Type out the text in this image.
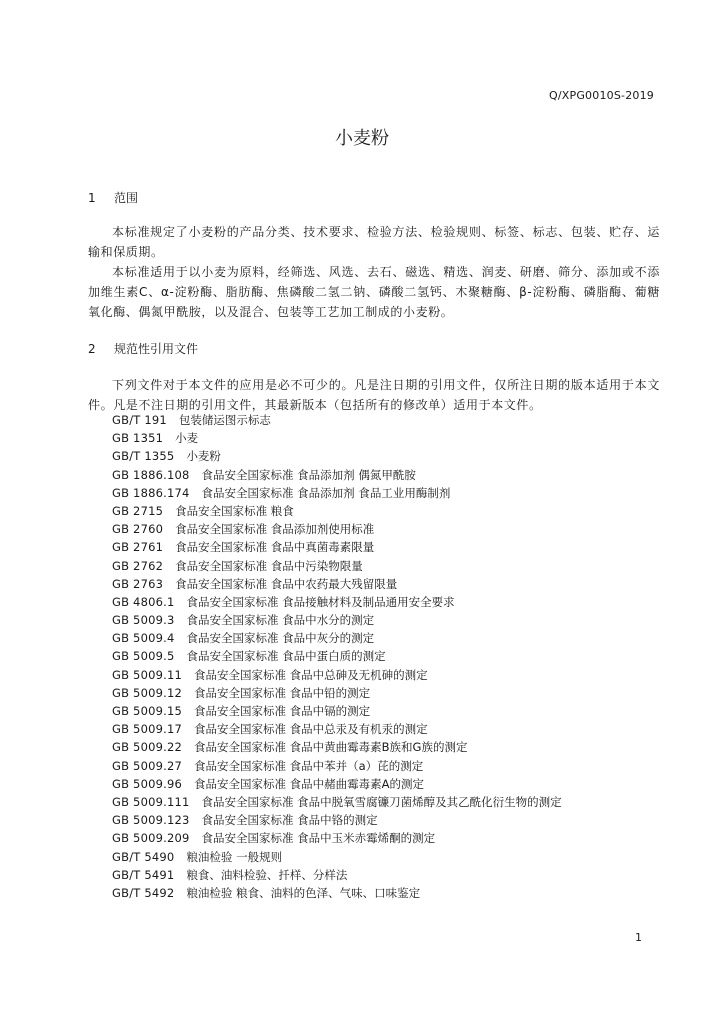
Q/XPG0010S-2019
小麦粉
1 范围

本标准规定了小麦粉的产品分类、技术要求、检验方法、检验规则、标签、标志、包装、贮存、运输和保质期。

本标准适用于以小麦为原料，经筛选、风选、去石、磁选、精选、润麦、研磨、筛分、添加或不添加维生素C、α-淀粉酶、脂肪酶、焦磷酸二氢二钠、磷酸二氢钙、木聚糖酶、β-淀粉酶、磷脂酶、葡糖氧化酶、偶氮甲酰胺，以及混合、包装等工艺加工制成的小麦粉。

2 规范性引用文件

下列文件对于本文件的应用是必不可少的。凡是注日期的引用文件，仅所注日期的版本适用于本文件。凡是不注日期的引用文件，其最新版本（包括所有的修改单）适用于本文件。

GB/T 191 包装储运图示标志
GB 1351 小麦
GB/T 1355 小麦粉
GB 1886.108 食品安全国家标准 食品添加剂 偶氮甲酰胺
GB 1886.174 食品安全国家标准 食品添加剂 食品工业用酶制剂
GB 2715 食品安全国家标准 粮食
GB 2760 食品安全国家标准 食品添加剂使用标准
GB 2761 食品安全国家标准 食品中真菌毒素限量
GB 2762 食品安全国家标准 食品中污染物限量
GB 2763 食品安全国家标准 食品中农药最大残留限量
GB 4806.1 食品安全国家标准 食品接触材料及制品通用安全要求
GB 5009.3 食品安全国家标准 食品中水分的测定
GB 5009.4 食品安全国家标准 食品中灰分的测定
GB 5009.5 食品安全国家标准 食品中蛋白质的测定
GB 5009.11 食品安全国家标准 食品中总砷及无机砷的测定
GB 5009.12 食品安全国家标准 食品中铅的测定
GB 5009.15 食品安全国家标准 食品中镉的测定
GB 5009.17 食品安全国家标准 食品中总汞及有机汞的测定
GB 5009.22 食品安全国家标准 食品中黄曲霉毒素B族和G族的测定
GB 5009.27 食品安全国家标准 食品中苯并（a）芘的测定
GB 5009.96 食品安全国家标准 食品中赭曲霉毒素A的测定
GB 5009.111 食品安全国家标准 食品中脱氧雪腐镰刀菌烯醇及其乙酰化衍生物的测定
GB 5009.123 食品安全国家标准 食品中铬的测定
GB 5009.209 食品安全国家标准 食品中玉米赤霉烯酮的测定
GB/T 5490 粮油检验 一般规则
GB/T 5491 粮食、油料检验、扦样、分样法
GB/T 5492 粮油检验 粮食、油料的色泽、气味、口味鉴定
1
